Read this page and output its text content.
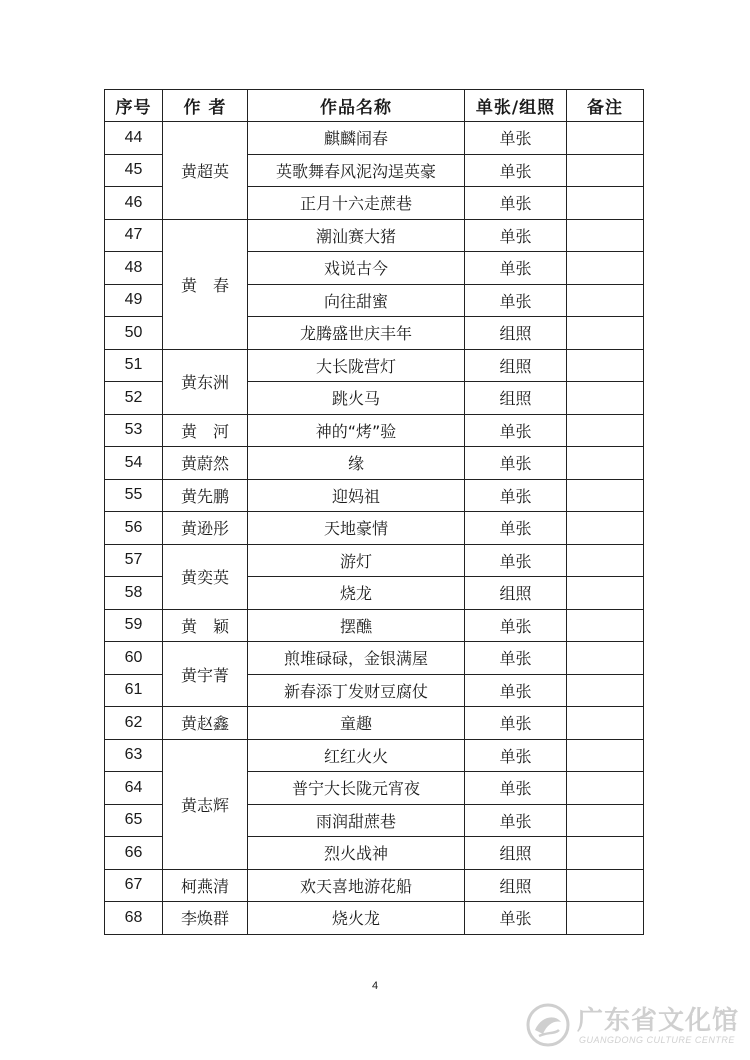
序号	作 者	作品名称	单张/组照	备注
44	黄超英	麒麟闹春	单张	
45		英歌舞春风泥沟逞英豪	单张	
46		正月十六走蔗巷	单张	
47	黄　春	潮汕赛大猪	单张	
48		戏说古今	单张	
49		向往甜蜜	单张	
50		龙腾盛世庆丰年	组照	
51	黄东洲	大长陇营灯	组照	
52		跳火马	组照	
53	黄　河	神的“烤”验	单张	
54	黄蔚然	缘	单张	
55	黄先鹏	迎妈祖	单张	
56	黄逊彤	天地豪情	单张	
57	黄奕英	游灯	单张	
58		烧龙	组照	
59	黄　颖	摆醮	单张	
60	黄宇菁	煎堆碌碌，金银满屋	单张	
61		新春添丁发财豆腐仗	单张	
62	黄赵鑫	童趣	单张	
63	黄志辉	红红火火	单张	
64		普宁大长陇元宵夜	单张	
65		雨润甜蔗巷	单张	
66		烈火战神	组照	
67	柯燕清	欢天喜地游花船	组照	
68	李焕群	烧火龙	单张	
4
广东省文化馆
GUANGDONG CULTURE CENTRE
